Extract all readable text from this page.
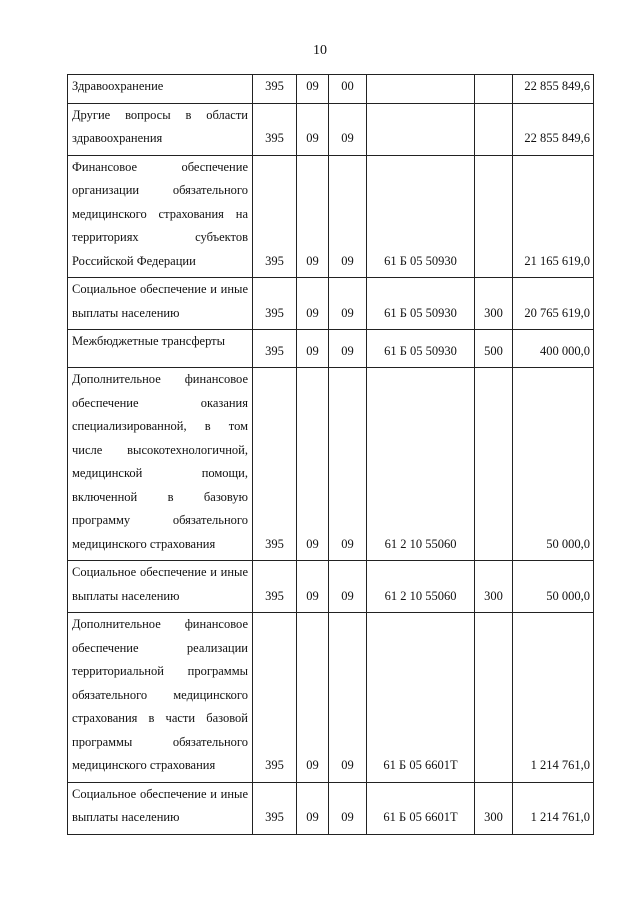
10
Здравоохранение	395	09	00			22 855 849,6

Другие вопросы в области здравоохранения	395	09	09			22 855 849,6

Финансовое обеспечение организации обязательного медицинского страхования на территориях субъектов Российской Федерации	395	09	09	61 Б 05 50930		21 165 619,0

Социальное обеспечение и иные выплаты населению	395	09	09	61 Б 05 50930	300	20 765 619,0

Межбюджетные трансферты	395	09	09	61 Б 05 50930	500	400 000,0

Дополнительное финансовое обеспечение оказания специализированной, в том числе высокотехнологичной, медицинской помощи, включенной в базовую программу обязательного медицинского страхования	395	09	09	61 2 10 55060		50 000,0

Социальное обеспечение и иные выплаты населению	395	09	09	61 2 10 55060	300	50 000,0

Дополнительное финансовое обеспечение реализации территориальной программы обязательного медицинского страхования в части базовой программы обязательного медицинского страхования	395	09	09	61 Б 05 6601Т		1 214 761,0

Социальное обеспечение и иные выплаты населению	395	09	09	61 Б 05 6601Т	300	1 214 761,0
